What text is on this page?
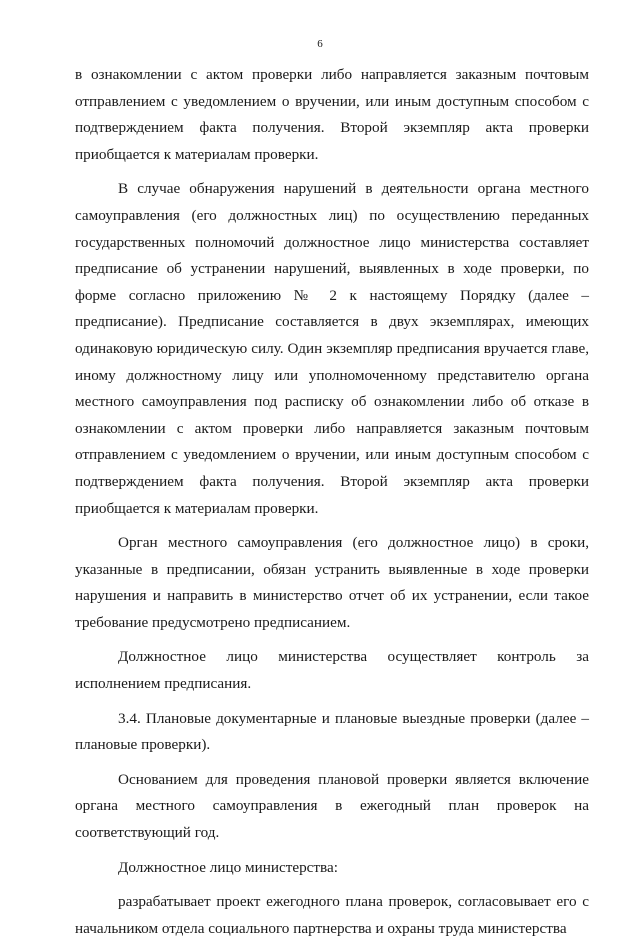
6

в ознакомлении с актом проверки либо направляется заказным почтовым отправлением с уведомлением о вручении, или иным доступным способом с подтверждением факта получения. Второй экземпляр акта проверки приобщается к материалам проверки.

В случае обнаружения нарушений в деятельности органа местного самоуправления (его должностных лиц) по осуществлению переданных государственных полномочий должностное лицо министерства составляет предписание об устранении нарушений, выявленных в ходе проверки, по форме согласно приложению № 2 к настоящему Порядку (далее – предписание). Предписание составляется в двух экземплярах, имеющих одинаковую юридическую силу. Один экземпляр предписания вручается главе, иному должностному лицу или уполномоченному представителю органа местного самоуправления под расписку об ознакомлении либо об отказе в ознакомлении с актом проверки либо направляется заказным почтовым отправлением с уведомлением о вручении, или иным доступным способом с подтверждением факта получения. Второй экземпляр акта проверки приобщается к материалам проверки.

Орган местного самоуправления (его должностное лицо) в сроки, указанные в предписании, обязан устранить выявленные в ходе проверки нарушения и направить в министерство отчет об их устранении, если такое требование предусмотрено предписанием.

Должностное лицо министерства осуществляет контроль за исполнением предписания.

3.4. Плановые документарные и плановые выездные проверки (далее – плановые проверки).

Основанием для проведения плановой проверки является включение органа местного самоуправления в ежегодный план проверок на соответствующий год.

Должностное лицо министерства:

разрабатывает проект ежегодного плана проверок, согласовывает его с начальником отдела социального партнерства и охраны труда министерства
